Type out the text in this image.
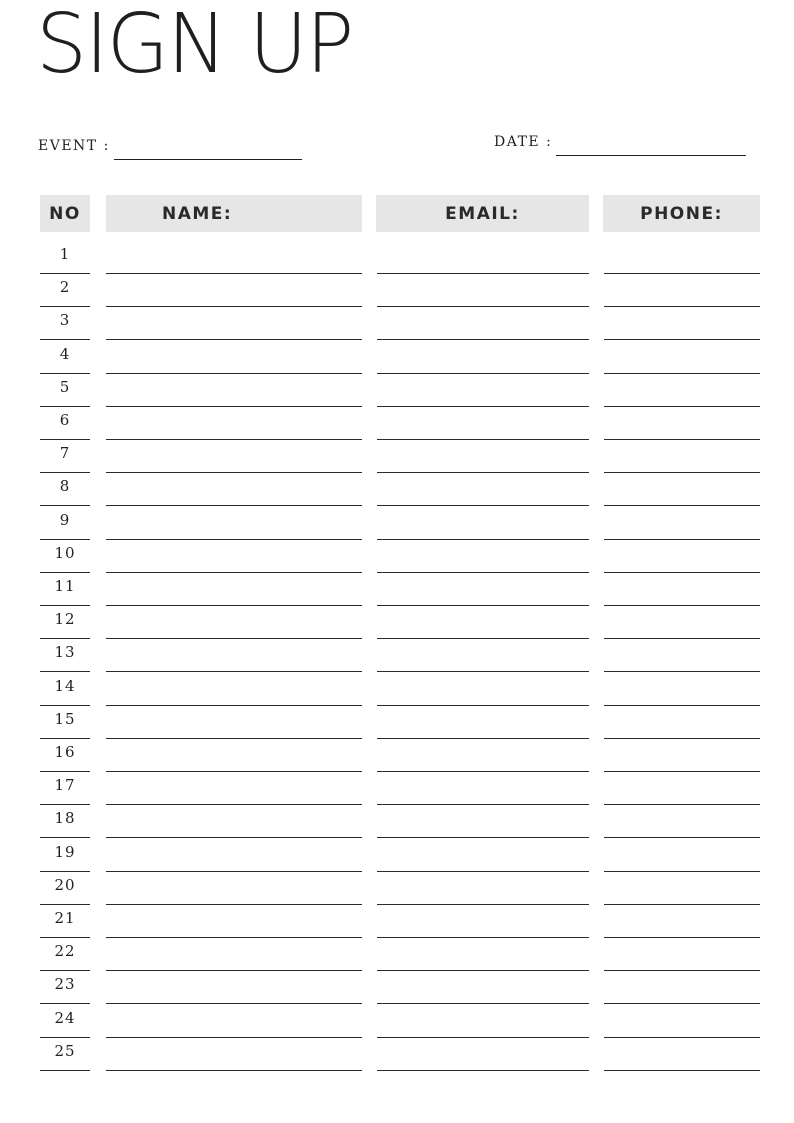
SIGN UP
EVENT :	DATE :
NO	NAME:	EMAIL:	PHONE:
1
2
3
4
5
6
7
8
9
10
11
12
13
14
15
16
17
18
19
20
21
22
23
24
25
